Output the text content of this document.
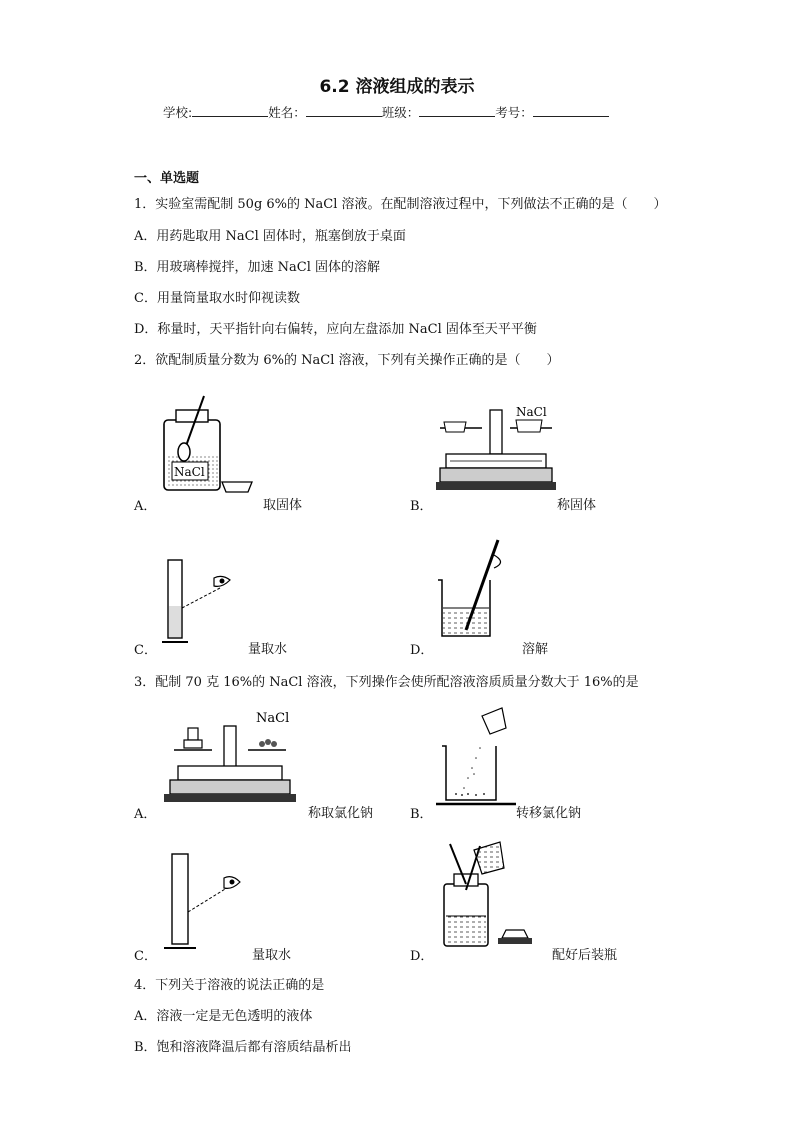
6.2 溶液组成的表示
学校:	姓名：	班级：	考号：
一、单选题
1．实验室需配制 50g 6%的 NaCl 溶液。在配制溶液过程中，下列做法不正确的是（　　）
A．用药匙取用 NaCl 固体时，瓶塞倒放于桌面
B．用玻璃棒搅拌，加速 NaCl 固体的溶解
C．用量筒量取水时仰视读数
D．称量时，天平指针向右偏转，应向左盘添加 NaCl 固体至天平平衡
2．欲配制质量分数为 6%的 NaCl 溶液，下列有关操作正确的是（　　）
A．
NaCl
取固体	B．
NaCl
称固体
C．	量取水	D．	溶解
3．配制 70 克 16%的 NaCl 溶液，下列操作会使所配溶液溶质质量分数大于 16%的是
A．
NaCl
称取氯化钠	B．	转移氯化钠
C．	量取水	D．	配好后装瓶
4．下列关于溶液的说法正确的是
A．溶液一定是无色透明的液体
B．饱和溶液降温后都有溶质结晶析出
